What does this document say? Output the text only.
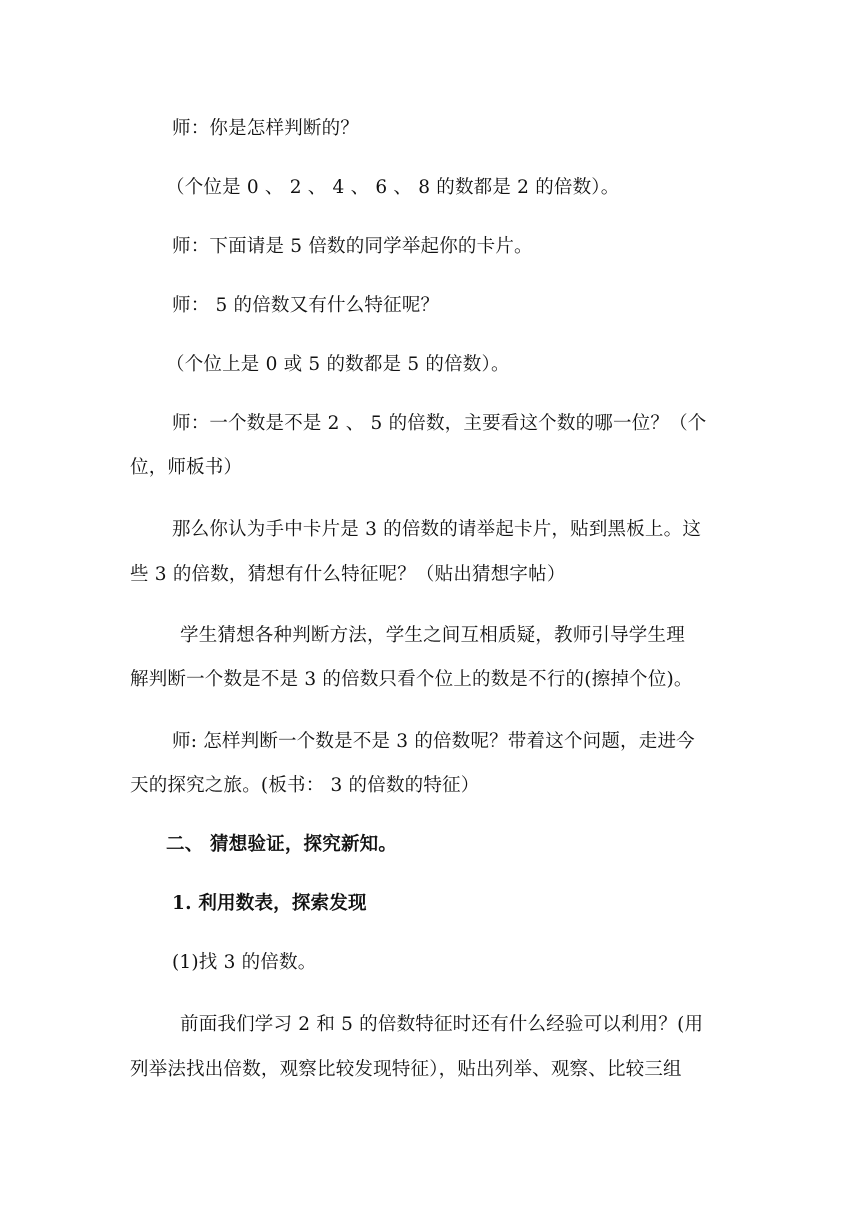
师：你是怎样判断的？
（个位是 0 、 2 、 4 、 6 、 8 的数都是 2 的倍数）。
师：下面请是 5 倍数的同学举起你的卡片。
师： 5 的倍数又有什么特征呢？
（个位上是 0 或 5 的数都是 5 的倍数）。
师：一个数是不是 2 、 5 的倍数，主要看这个数的哪一位？（个
位，师板书）
那么你认为手中卡片是 3 的倍数的请举起卡片，贴到黑板上。这
些 3 的倍数，猜想有什么特征呢？（贴出猜想字帖）
学生猜想各种判断方法，学生之间互相质疑，教师引导学生理
解判断一个数是不是 3 的倍数只看个位上的数是不行的(擦掉个位)。
师: 怎样判断一个数是不是 3 的倍数呢？带着这个问题，走进今
天的探究之旅。(板书： 3 的倍数的特征）
二、 猜想验证，探究新知。
1. 利用数表，探索发现
(1)找 3 的倍数。
前面我们学习 2 和 5 的倍数特征时还有什么经验可以利用？(用
列举法找出倍数，观察比较发现特征），贴出列举、观察、比较三组
